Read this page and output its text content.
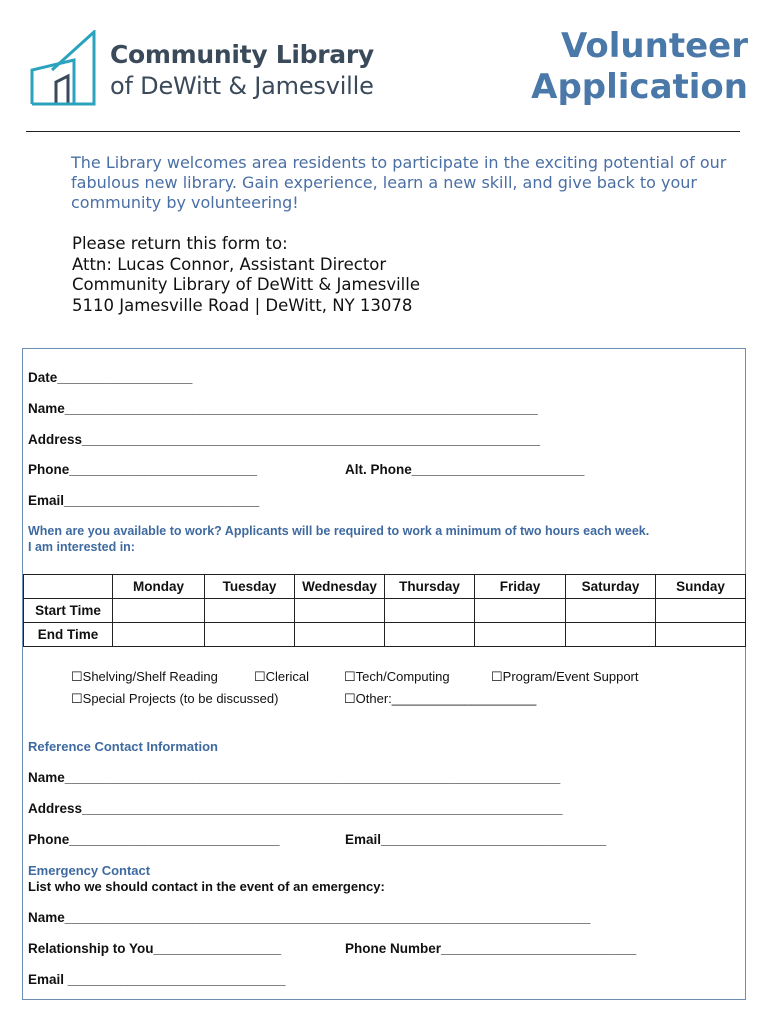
Community Library
of DeWitt & Jamesville
Volunteer
Application
The Library welcomes area residents to participate in the exciting potential of our fabulous new library. Gain experience, learn a new skill, and give back to your community by volunteering!
Please return this form to:
Attn: Lucas Connor, Assistant Director
Community Library of DeWitt & Jamesville
5110 Jamesville Road | DeWitt, NY 13078
Date__________________
Name_______________________________________________________________
Address_____________________________________________________________
Phone_________________________	Alt. Phone_______________________
Email__________________________
When are you available to work? Applicants will be required to work a minimum of two hours each week.
I am interested in:
	Monday	Tuesday	Wednesday	Thursday	Friday	Saturday	Sunday
Start Time							
End Time							
☐Shelving/Shelf Reading	☐Clerical	☐Tech/Computing	☐Program/Event Support
☐Special Projects (to be discussed)	☐Other:____________________
Reference Contact Information
Name__________________________________________________________________
Address________________________________________________________________
Phone____________________________	Email______________________________
Emergency Contact
List who we should contact in the event of an emergency:
Name______________________________________________________________________
Relationship to You_________________	Phone Number__________________________
Email _____________________________
